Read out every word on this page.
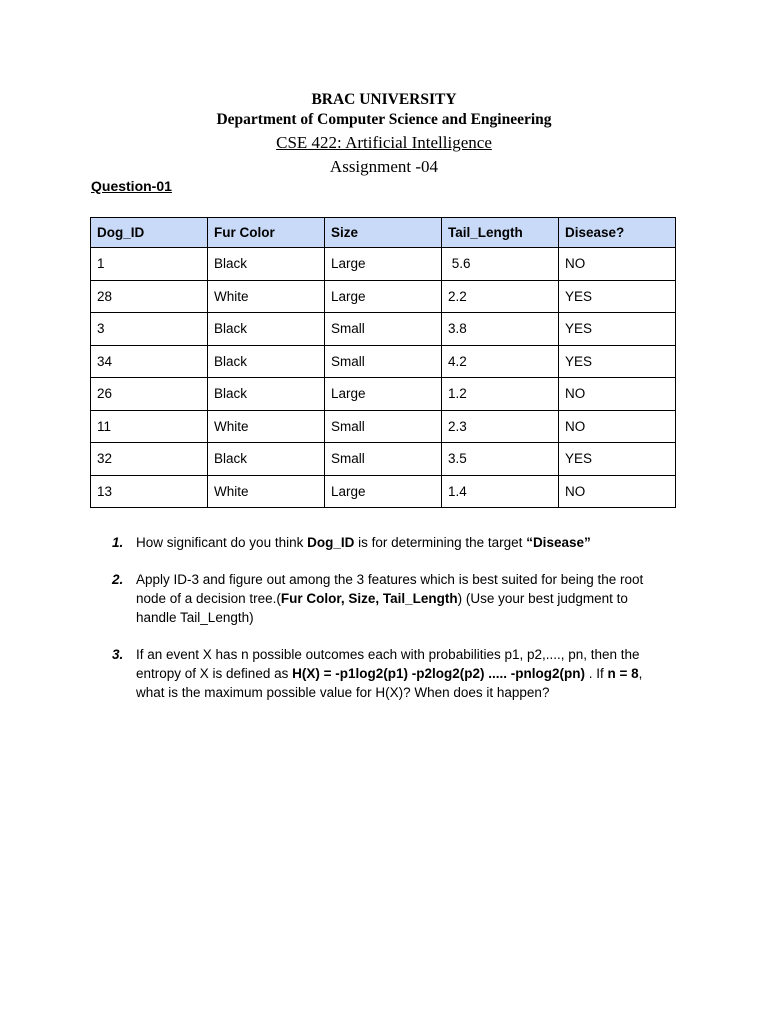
BRAC UNIVERSITY
Department of Computer Science and Engineering
CSE 422: Artificial Intelligence
Assignment -04
Question-01
Dog_ID	Fur Color	Size	Tail_Length	Disease?
1	Black	Large	5.6	NO
28	White	Large	2.2	YES
3	Black	Small	3.8	YES
34	Black	Small	4.2	YES
26	Black	Large	1.2	NO
11	White	Small	2.3	NO
32	Black	Small	3.5	YES
13	White	Large	1.4	NO
1. How significant do you think Dog_ID is for determining the target “Disease”
2. Apply ID-3 and figure out among the 3 features which is best suited for being the root node of a decision tree.(Fur Color, Size, Tail_Length) (Use your best judgment to handle Tail_Length)
3. If an event X has n possible outcomes each with probabilities p1, p2,...., pn, then the entropy of X is defined as H(X) = -p1log2(p1) -p2log2(p2) ..... -pnlog2(pn) . If n = 8, what is the maximum possible value for H(X)? When does it happen?
